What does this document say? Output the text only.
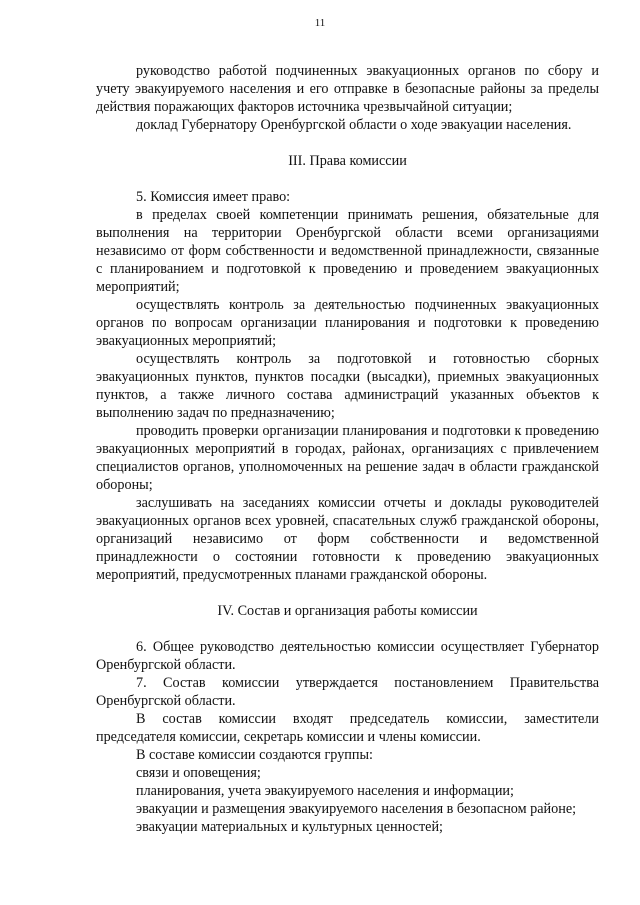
11

руководство работой подчиненных эвакуационных органов по сбору и учету эвакуируемого населения и его отправке в безопасные районы за пределы действия поражающих факторов источника чрезвычайной ситуации;

доклад Губернатору Оренбургской области о ходе эвакуации населения.

III. Права комиссии

5. Комиссия имеет право:

в пределах своей компетенции принимать решения, обязательные для выполнения на территории Оренбургской области всеми организациями независимо от форм собственности и ведомственной принадлежности, связанные с планированием и подготовкой к проведению и проведением эвакуационных мероприятий;

осуществлять контроль за деятельностью подчиненных эвакуационных органов по вопросам организации планирования и подготовки к проведению эвакуационных мероприятий;

осуществлять контроль за подготовкой и готовностью сборных эвакуационных пунктов, пунктов посадки (высадки), приемных эвакуационных пунктов, а также личного состава администраций указанных объектов к выполнению задач по предназначению;

проводить проверки организации планирования и подготовки к проведению эвакуационных мероприятий в городах, районах, организациях с привлечением специалистов органов, уполномоченных на решение задач в области гражданской обороны;

заслушивать на заседаниях комиссии отчеты и доклады руководителей эвакуационных органов всех уровней, спасательных служб гражданской обороны, организаций независимо от форм собственности и ведомственной принадлежности о состоянии готовности к проведению эвакуационных мероприятий, предусмотренных планами гражданской обороны.

IV. Состав и организация работы комиссии

6. Общее руководство деятельностью комиссии осуществляет Губернатор Оренбургской области.

7. Состав комиссии утверждается постановлением Правительства Оренбургской области.

В состав комиссии входят председатель комиссии, заместители председателя комиссии, секретарь комиссии и члены комиссии.

В составе комиссии создаются группы:

связи и оповещения;

планирования, учета эвакуируемого населения и информации;

эвакуации и размещения эвакуируемого населения в безопасном районе;

эвакуации материальных и культурных ценностей;
